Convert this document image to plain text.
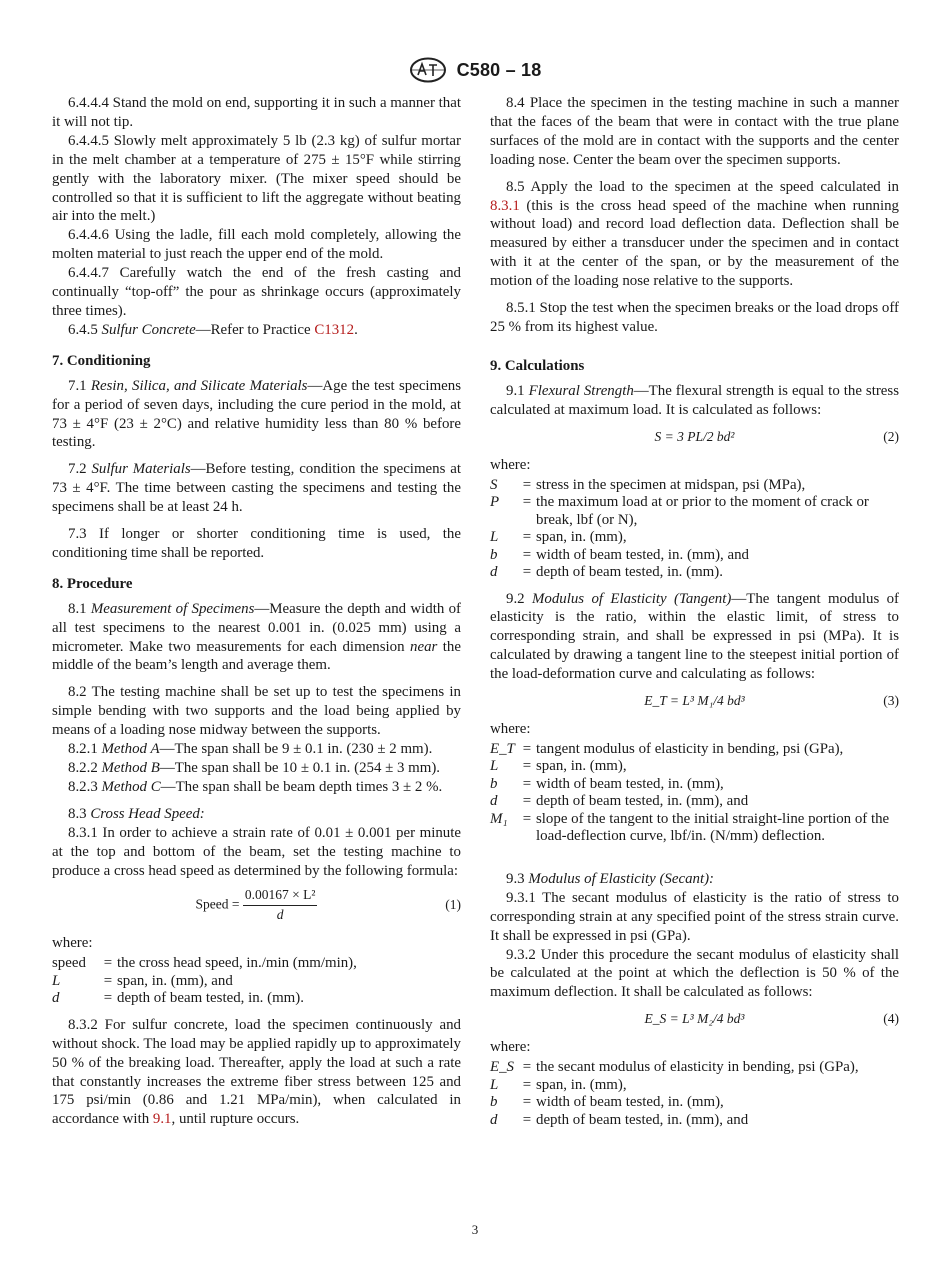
C580 – 18

6.4.4.4 Stand the mold on end, supporting it in such a manner that it will not tip.

6.4.4.5 Slowly melt approximately 5 lb (2.3 kg) of sulfur mortar in the melt chamber at a temperature of 275 ± 15°F while stirring gently with the laboratory mixer. (The mixer speed should be controlled so that it is sufficient to lift the aggregate without beating air into the melt.)

6.4.4.6 Using the ladle, fill each mold completely, allowing the molten material to just reach the upper end of the mold.

6.4.4.7 Carefully watch the end of the fresh casting and continually “top-off” the pour as shrinkage occurs (approximately three times).

6.4.5 Sulfur Concrete—Refer to Practice C1312.

7. Conditioning

7.1 Resin, Silica, and Silicate Materials—Age the test specimens for a period of seven days, including the cure period in the mold, at 73 ± 4°F (23 ± 2°C) and relative humidity less than 80 % before testing.

7.2 Sulfur Materials—Before testing, condition the specimens at 73 ± 4°F. The time between casting the specimens and testing the specimens shall be at least 24 h.

7.3 If longer or shorter conditioning time is used, the conditioning time shall be reported.

8. Procedure

8.1 Measurement of Specimens—Measure the depth and width of all test specimens to the nearest 0.001 in. (0.025 mm) using a micrometer. Make two measurements for each dimension near the middle of the beam’s length and average them.

8.2 The testing machine shall be set up to test the specimens in simple bending with two supports and the load being applied by means of a loading nose midway between the supports.

8.2.1 Method A—The span shall be 9 ± 0.1 in. (230 ± 2 mm).

8.2.2 Method B—The span shall be 10 ± 0.1 in. (254 ± 3 mm).

8.2.3 Method C—The span shall be beam depth times 3 ± 2 %.

8.3 Cross Head Speed:

8.3.1 In order to achieve a strain rate of 0.01 ± 0.001 per minute at the top and bottom of the beam, set the testing machine to produce a cross head speed as determined by the following formula:

Speed = $\frac{\text{0.00167 × L²}}{d}$	(1)
where:
speed	=	the cross head speed, in./min (mm/min),
L	=	span, in. (mm), and
d	=	depth of beam tested, in. (mm).

8.3.2 For sulfur concrete, load the specimen continuously and without shock. The load may be applied rapidly up to approximately 50 % of the breaking load. Thereafter, apply the load at such a rate that constantly increases the extreme fiber stress between 125 and 175 psi/min (0.86 and 1.21 MPa/min), when calculated in accordance with 9.1, until rupture occurs.

8.4 Place the specimen in the testing machine in such a manner that the faces of the beam that were in contact with the true plane surfaces of the mold are in contact with the supports and the center loading nose. Center the beam over the specimen supports.

8.5 Apply the load to the specimen at the speed calculated in 8.3.1 (this is the cross head speed of the machine when running without load) and record load deflection data. Deflection shall be measured by either a transducer under the specimen and in contact with it at the center of the span, or by the measurement of the motion of the loading nose relative to the supports.

8.5.1 Stop the test when the specimen breaks or the load drops off 25 % from its highest value.

9. Calculations

9.1 Flexural Strength—The flexural strength is equal to the stress calculated at maximum load. It is calculated as follows:

S = 3 PL/2 bd²	(2)
where:
S	=	stress in the specimen at midspan, psi (MPa),
P	=	the maximum load at or prior to the moment of crack or break, lbf (or N),
L	=	span, in. (mm),
b	=	width of beam tested, in. (mm), and
d	=	depth of beam tested, in. (mm).

9.2 Modulus of Elasticity (Tangent)—The tangent modulus of elasticity is the ratio, within the elastic limit, of stress to corresponding strain, and shall be expressed in psi (MPa). It is calculated by drawing a tangent line to the steepest initial portion of the load-deformation curve and calculating as follows:

E_T = L³ M₁/4 bd³	(3)
where:
E_T	=	tangent modulus of elasticity in bending, psi (GPa),
L	=	span, in. (mm),
b	=	width of beam tested, in. (mm),
d	=	depth of beam tested, in. (mm), and
M₁	=	slope of the tangent to the initial straight-line portion of the load-deflection curve, lbf/in. (N/mm) deflection.

9.3 Modulus of Elasticity (Secant):

9.3.1 The secant modulus of elasticity is the ratio of stress to corresponding strain at any specified point of the stress strain curve. It shall be expressed in psi (GPa).

9.3.2 Under this procedure the secant modulus of elasticity shall be calculated at the point at which the deflection is 50 % of the maximum deflection. It shall be calculated as follows:

E_S = L³ M₂/4 bd³	(4)
where:
E_S	=	the secant modulus of elasticity in bending, psi (GPa),
L	=	span, in. (mm),
b	=	width of beam tested, in. (mm),
d	=	depth of beam tested, in. (mm), and
3
